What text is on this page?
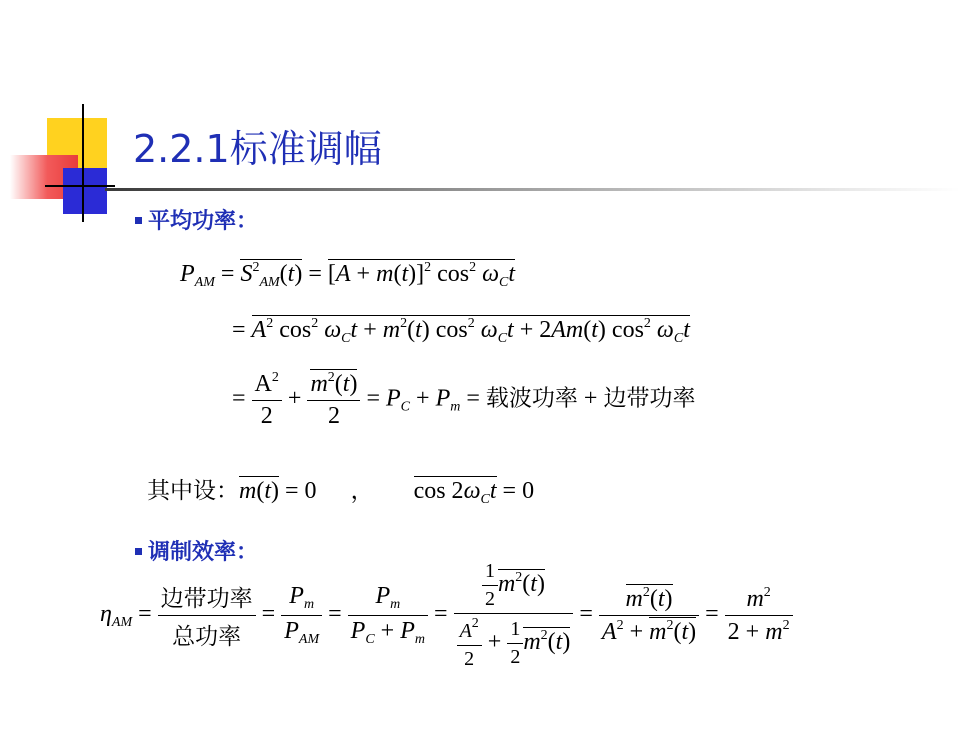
2.2.1标准调幅
平均功率：
$P_{AM} = S^2_{AM}(t) = [A + m(t)]^2$ $\cos^2 \omega_Ct$
= $A^2$ $\cos^2 \omega_Ct + m^2(t)$ $\cos^2 \omega_Ct + 2Am(t)$ $\cos^2 \omega_Ct$
= $\frac{A^2}{2} + \frac{m^2(t)}{2} = P_C + P_m$ = 载波功率 + 边带功率
其中设：m(t) = 0 ， $\cos 2\omega_Ct = 0$
调制效率：
$\eta_{AM} = \frac{\text{边带功率}}{\text{总功率}} = \frac{P_m}{P_{AM}} = \frac{P_m}{P_C + P_m} = \frac{\frac{1}{2} m^2(t)}{\frac{A^2}{2} + \frac{1}{2} m^2(t)} = \frac{m^2(t)}{A^2 + m^2(t)} = \frac{m^2}{2 + m^2}$
